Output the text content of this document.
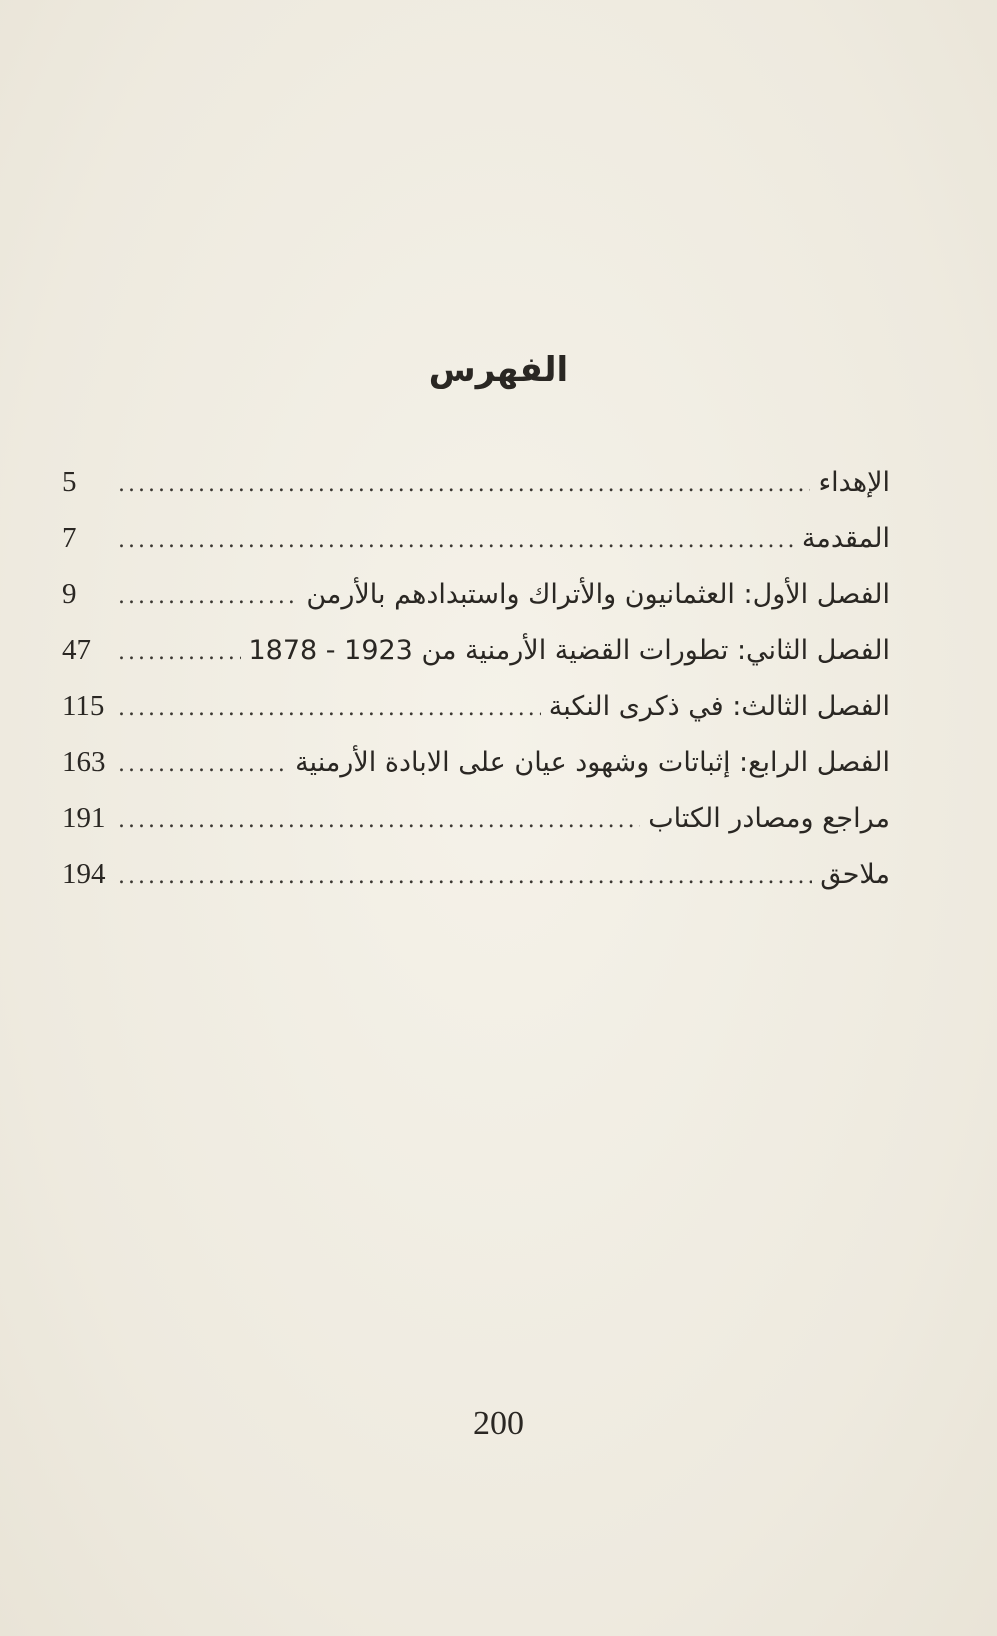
الفهرس
الإهداء
.....
5
المقدمة
.....
7
الفصل الأول: العثمانيون والأتراك واستبدادهم بالأرمن
.....
9
الفصل الثاني: تطورات القضية الأرمنية من 1923 - 1878
.....
47
الفصل الثالث: في ذكرى النكبة
.....
115
الفصل الرابع: إثباتات وشهود عيان على الابادة الأرمنية
.....
163
مراجع ومصادر الكتاب
.....
191
ملاحق
.....
194
200
